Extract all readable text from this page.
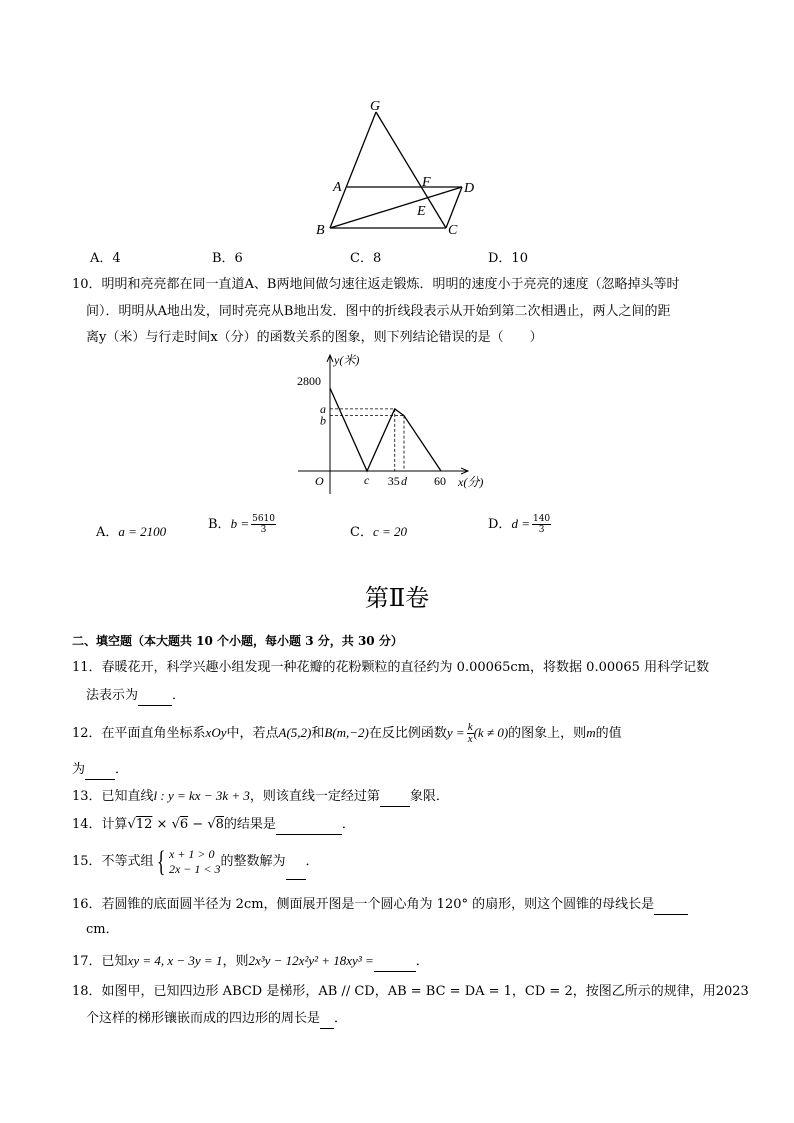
G
A	F D
E
B	C
A．4	B．6	C．8	D．10
10．明明和亮亮都在同一直道A、B两地间做匀速往返走锻炼．明明的速度小于亮亮的速度（忽略掉头等时
间）．明明从A地出发，同时亮亮从B地出发．图中的折线段表示从开始到第二次相遇止，两人之间的距
离y（米）与行走时间x（分）的函数关系的图象，则下列结论错误的是（　　）
y(米)
x(分)
2800
a
b
O	c 35 d 60
A．a = 2100	B．$b = \frac{5610}{3}$	C．c = 20	D．$d = \frac{140}{3}$
第Ⅱ卷
二、填空题（本大题共 10 个小题，每小题 3 分，共 30 分）
11．春暖花开，科学兴趣小组发现一种花瓣的花粉颗粒的直径约为 0.00065cm，将数据 0.00065 用科学记数
法表示为	．
12．在平面直角坐标系xOy中，若点A(5,2)和B(m,−2)在反比例函数$y = \frac{k}{x} (k \ne 0)$的图象上，则m的值
为 ．
13．已知直线l : y = kx − 3k + 3，则该直线一定经过第 象限．
14．计算√12 × √6 − √8的结果是	．
15．不等式组 { x + 1 > 0
2x − 1 < 3 的整数解为 ．
16．若圆锥的底面圆半径为 2cm，侧面展开图是一个圆心角为 120° 的扇形，则这个圆锥的母线长是
cm．
17．已知xy = 4, x − 3y = 1，则2x³y − 12x²y² + 18xy³ =	．
18．如图甲，已知四边形 ABCD 是梯形，AB // CD，AB = BC = DA = 1，CD = 2，按图乙所示的规律，用2023
个这样的梯形镶嵌而成的四边形的周长是 ．
